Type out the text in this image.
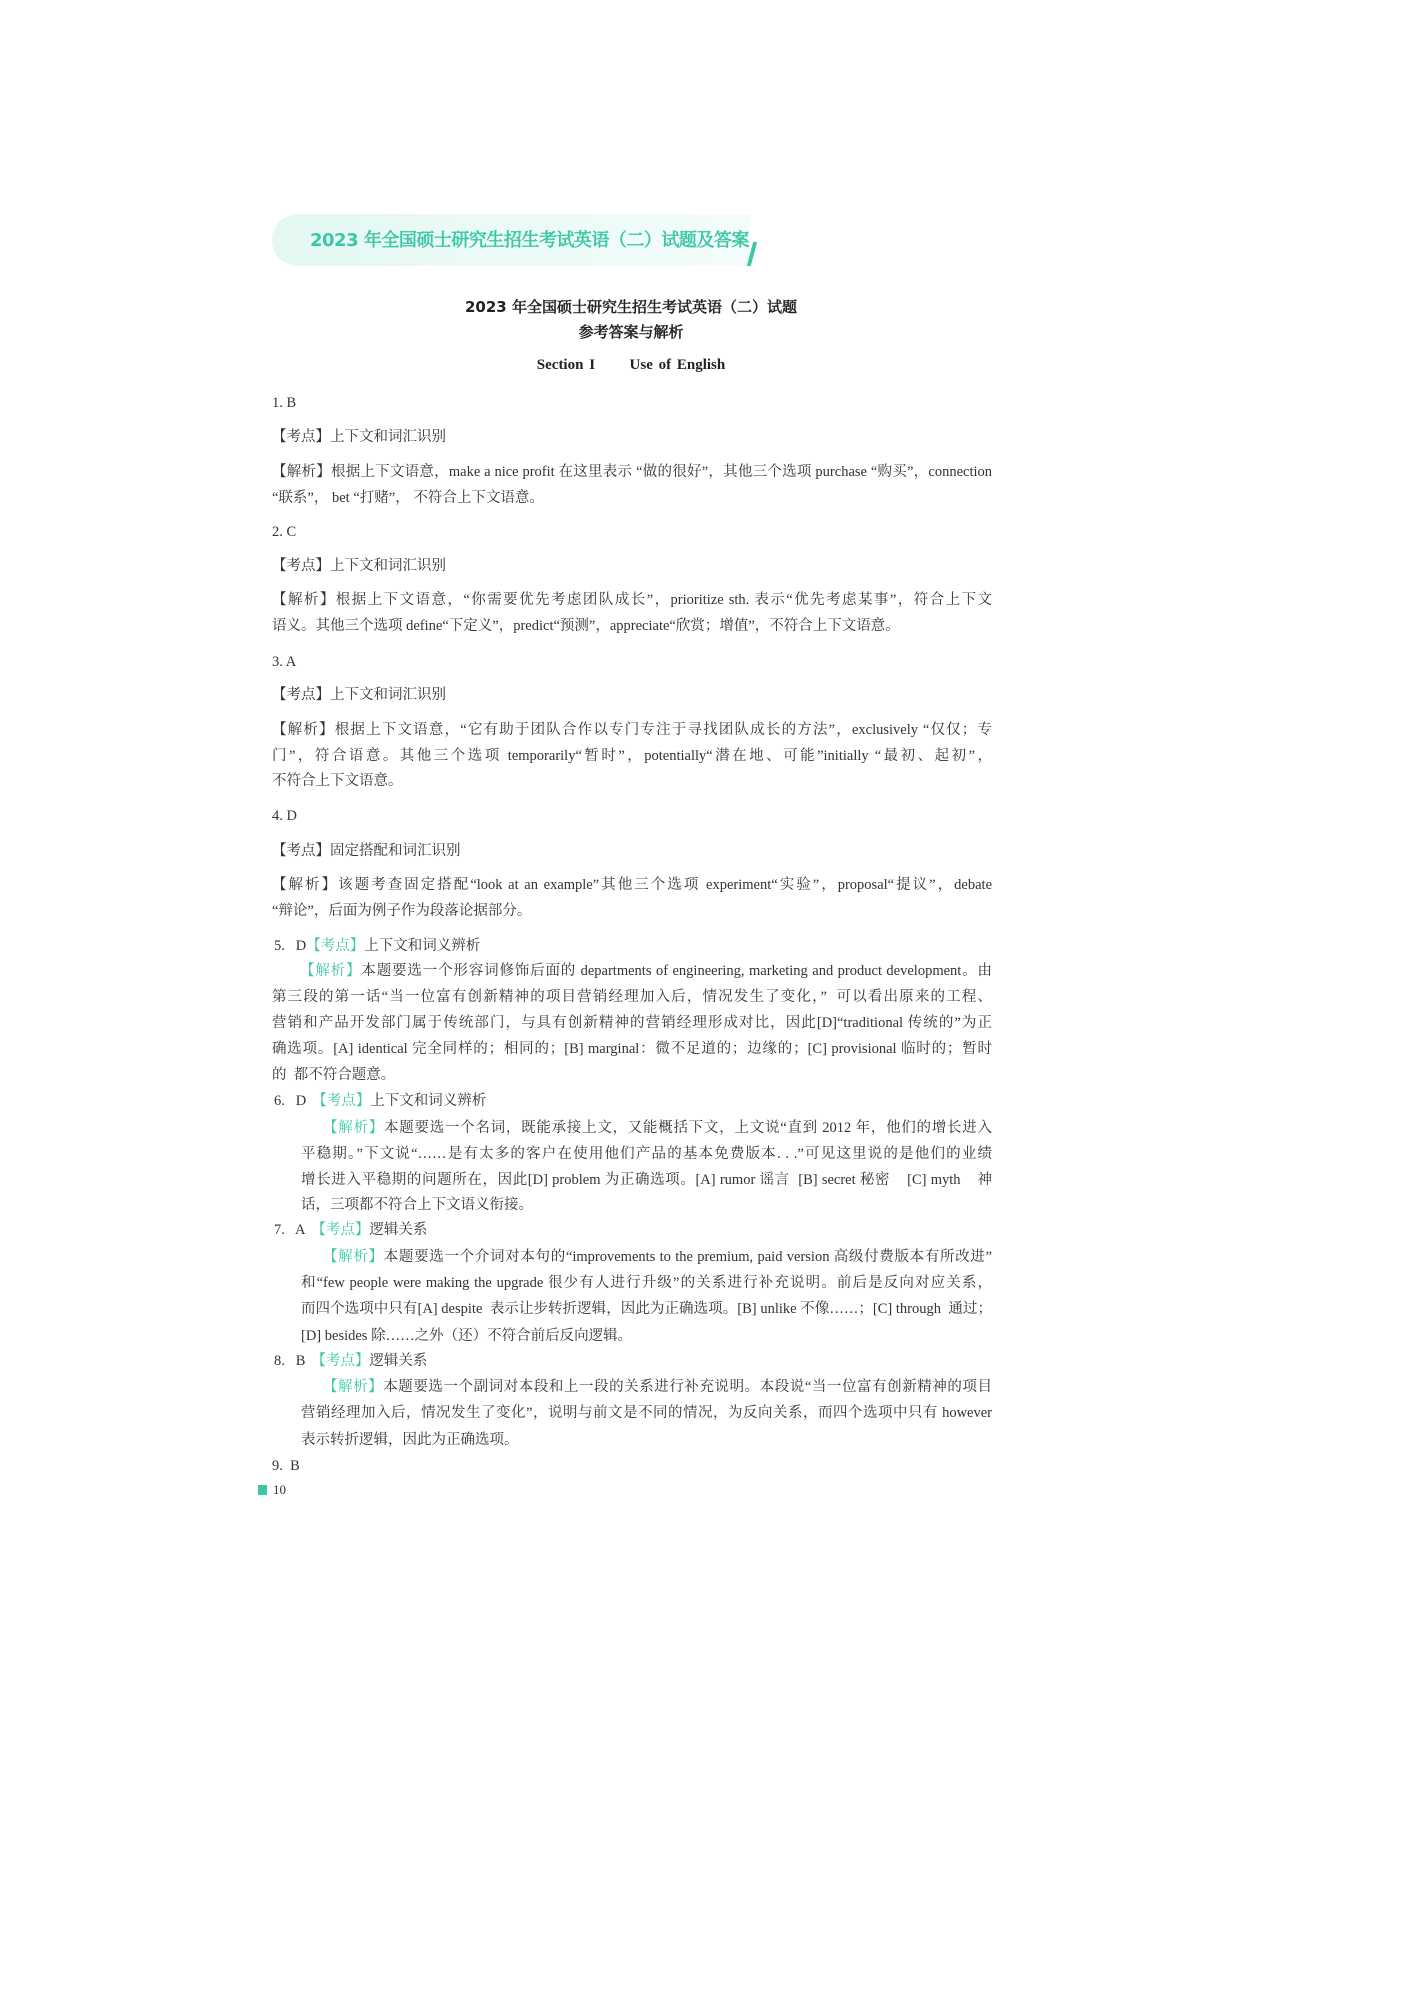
2023 年全国硕士研究生招生考试英语（二）试题及答案
2023 年全国硕士研究生招生考试英语（二）试题
参考答案与解析
Section I      Use of English
1. B
【考点】上下文和词汇识别
【解析】根据上下文语意，make a nice profit 在这里表示 “做的很好”，其他三个选项 purchase “购买”，connection
“联系”， bet “打赌”， 不符合上下文语意。
2. C
【考点】上下文和词汇识别
【解析】根据上下文语意，“你需要优先考虑团队成长”，prioritize sth. 表示“优先考虑某事”，符合上下文
语义。其他三个选项 define“下定义”，predict“预测”，appreciate“欣赏；增值”，不符合上下文语意。
3. A
【考点】上下文和词汇识别
【解析】根据上下文语意，“它有助于团队合作以专门专注于寻找团队成长的方法”，exclusively “仅仅；专
门”，符合语意。其他三个选项 temporarily“暂时”，potentially“潜在地、可能”initially “最初、起初”，
不符合上下文语意。
4. D
【考点】固定搭配和词汇识别
【解析】该题考查固定搭配“look at an example”其他三个选项 experiment“实验”，proposal“提议”，debate
“辩论”，后面为例子作为段落论据部分。
5.   D【考点】上下文和词义辨析
【解析】本题要选一个形容词修饰后面的 departments of engineering, marketing and product development。由
第三段的第一话“当一位富有创新精神的项目营销经理加入后，情况发生了变化，”  可以看出原来的工程、
营销和产品开发部门属于传统部门，与具有创新精神的营销经理形成对比，因此[D]“traditional 传统的”为正
确选项。[A] identical 完全同样的；相同的；[B] marginal：微不足道的；边缘的；[C] provisional 临时的；暂时
的  都不符合题意。
6.   D 【考点】上下文和词义辨析
【解析】本题要选一个名词，既能承接上文，又能概括下文，上文说“直到 2012 年，他们的增长进入
平稳期。”下文说“……是有太多的客户在使用他们产品的基本免费版本. . .”可见这里说的是他们的业绩
增长进入平稳期的问题所在，因此[D] problem 为正确选项。[A] rumor 谣言  [B] secret 秘密    [C] myth    神
话，三项都不符合上下文语义衔接。
7.   A 【考点】逻辑关系
【解析】本题要选一个介词对本句的“improvements to the premium, paid version 高级付费版本有所改进”
和“few people were making the upgrade 很少有人进行升级”的关系进行补充说明。前后是反向对应关系，
而四个选项中只有[A] despite  表示让步转折逻辑，因此为正确选项。[B] unlike 不像……；[C] through  通过；
[D] besides 除……之外（还）不符合前后反向逻辑。
8.   B 【考点】逻辑关系
【解析】本题要选一个副词对本段和上一段的关系进行补充说明。本段说“当一位富有创新精神的项目
营销经理加入后，情况发生了变化”，说明与前文是不同的情况，为反向关系，而四个选项中只有 however
表示转折逻辑，因此为正确选项。
9.  B
10
